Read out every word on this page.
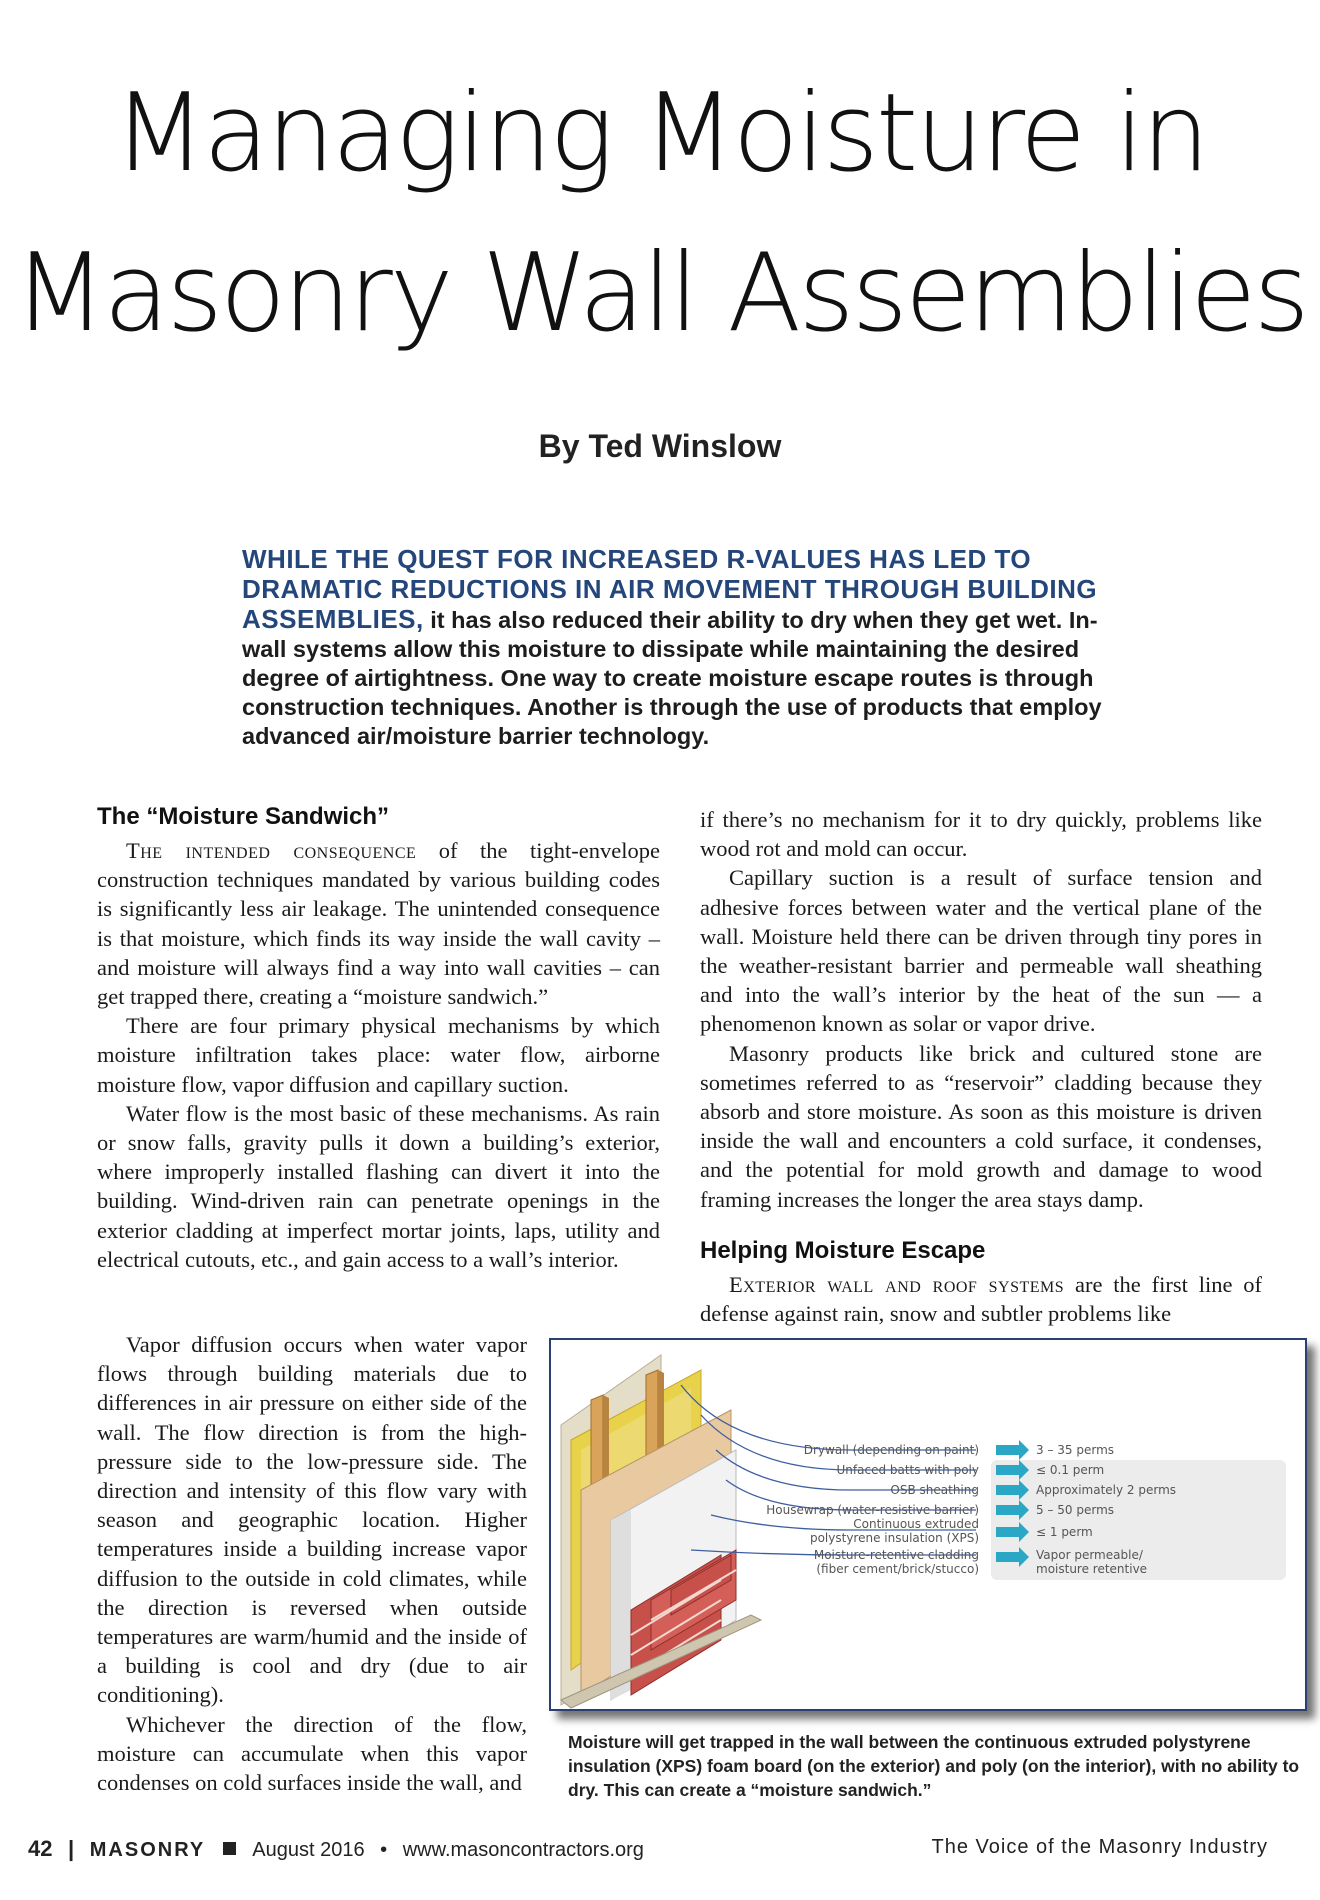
Managing Moisture in
Masonry Wall Assemblies
By Ted Winslow
WHILE THE QUEST FOR INCREASED R-VALUES HAS LED TO DRAMATIC REDUCTIONS IN AIR MOVEMENT THROUGH BUILDING ASSEMBLIES, it has also reduced their ability to dry when they get wet. In-wall systems allow this moisture to dissipate while maintaining the desired degree of airtightness. One way to create moisture escape routes is through construction techniques. Another is through the use of products that employ advanced air/moisture barrier technology.
The “Moisture Sandwich”

The intended consequence of the tight-envelope construction techniques mandated by various building codes is significantly less air leakage. The unintended consequence is that moisture, which finds its way inside the wall cavity – and moisture will always find a way into wall cavities – can get trapped there, creating a “moisture sandwich.”

There are four primary physical mechanisms by which moisture infiltration takes place: water flow, airborne moisture flow, vapor diffusion and capillary suction.

Water flow is the most basic of these mechanisms. As rain or snow falls, gravity pulls it down a building’s exterior, where improperly installed flashing can divert it into the building. Wind-driven rain can penetrate openings in the exterior cladding at imperfect mortar joints, laps, utility and electrical cutouts, etc., and gain access to a wall’s interior.

Vapor diffusion occurs when water vapor flows through building materials due to differences in air pressure on either side of the wall. The flow direction is from the high-pressure side to the low-pressure side. The direction and intensity of this flow vary with season and geographic location. Higher temperatures inside a building increase vapor diffusion to the outside in cold climates, while the direction is reversed when outside temperatures are warm/humid and the inside of a building is cool and dry (due to air conditioning).

Whichever the direction of the flow, moisture can accumulate when this vapor condenses on cold surfaces inside the wall, and

if there’s no mechanism for it to dry quickly, problems like wood rot and mold can occur.

Capillary suction is a result of surface tension and adhesive forces between water and the vertical plane of the wall. Moisture held there can be driven through tiny pores in the weather-resistant barrier and permeable wall sheathing and into the wall’s interior by the heat of the sun — a phenomenon known as solar or vapor drive.

Masonry products like brick and cultured stone are sometimes referred to as “reservoir” cladding because they absorb and store moisture. As soon as this moisture is driven inside the wall and encounters a cold surface, it condenses, and the potential for mold growth and damage to wood framing increases the longer the area stays damp.

Helping Moisture Escape

Exterior wall and roof systems are the first line of defense against rain, snow and subtler problems like

Drywall (depending on paint)
Unfaced batts with poly
OSB sheathing
Housewrap (water-resistive barrier)
Continuous extruded
polystyrene insulation (XPS)
Moisture-retentive cladding
(fiber cement/brick/stucco)
3 – 35 perms
≤ 0.1 perm
Approximately 2 perms
5 – 50 perms
≤ 1 perm
Vapor permeable/
moisture retentive
Moisture will get trapped in the wall between the continuous extruded polystyrene insulation (XPS) foam board (on the exterior) and poly (on the interior), with no ability to dry. This can create a “moisture sandwich.”
42 | MASONRY August 2016 • www.masoncontractors.org	The Voice of the Masonry Industry
